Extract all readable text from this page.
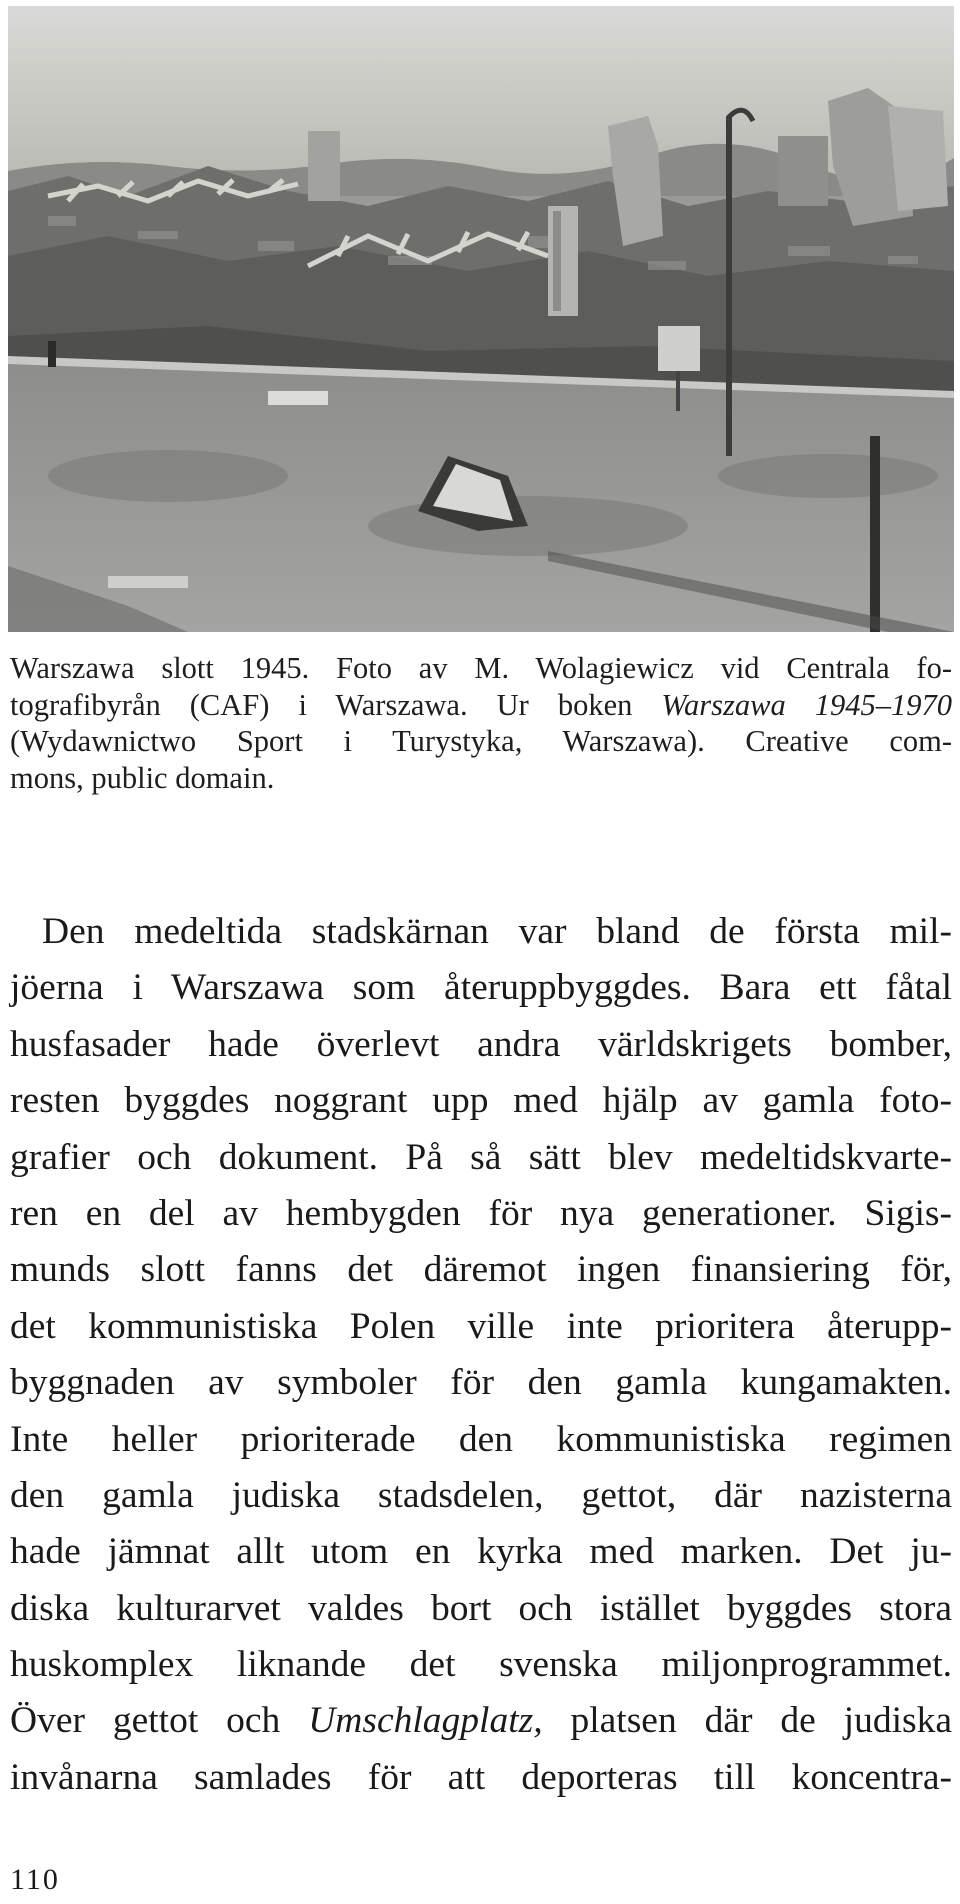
Warszawa slott 1945. Foto av M. Wolagiewicz vid Centrala fo-
tografibyrån (CAF) i Warszawa. Ur boken Warszawa 1945–1970
(Wydawnictwo Sport i Turystyka, Warszawa). Creative com-
mons, public domain.
Den medeltida stadskärnan var bland de första mil-
jöerna i Warszawa som återuppbyggdes. Bara ett fåtal
husfasader hade överlevt andra världskrigets bomber,
resten byggdes noggrant upp med hjälp av gamla foto-
grafier och dokument. På så sätt blev medeltidskvarte-
ren en del av hembygden för nya generationer. Sigis-
munds slott fanns det däremot ingen finansiering för,
det kommunistiska Polen ville inte prioritera återupp-
byggnaden av symboler för den gamla kungamakten.
Inte heller prioriterade den kommunistiska regimen
den gamla judiska stadsdelen, gettot, där nazisterna
hade jämnat allt utom en kyrka med marken. Det ju-
diska kulturarvet valdes bort och istället byggdes stora
huskomplex liknande det svenska miljonprogrammet.
Över gettot och Umschlagplatz, platsen där de judiska
invånarna samlades för att deporteras till koncentra-
110
